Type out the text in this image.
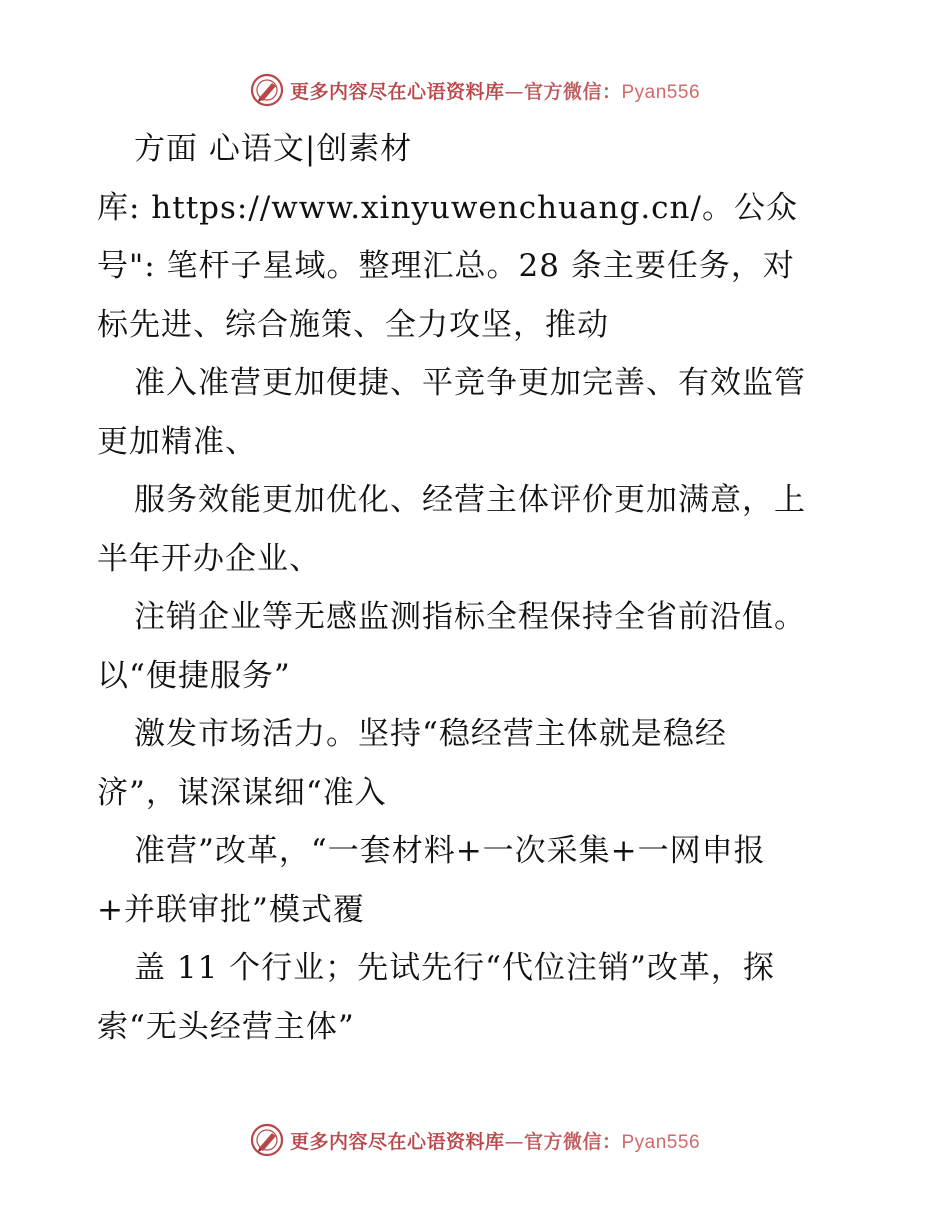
更多内容尽在心语资料库—官方微信：Pyan556
方面 心语文|创素材
库: https://www.xinyuwenchuang.cn/。公众
号": 笔杆子星域。整理汇总。28 条主要任务，对
标先进、综合施策、全力攻坚，推动
准入准营更加便捷、平竞争更加完善、有效监管
更加精准、
服务效能更加优化、经营主体评价更加满意，上
半年开办企业、
注销企业等无感监测指标全程保持全省前沿值。
以“便捷服务”
激发市场活力。坚持“稳经营主体就是稳经
济”，谋深谋细“准入
准营”改革，“一套材料+一次采集+一网申报
+并联审批”模式覆
盖 11 个行业；先试先行“代位注销”改革，探
索“无头经营主体”
更多内容尽在心语资料库—官方微信：Pyan556
